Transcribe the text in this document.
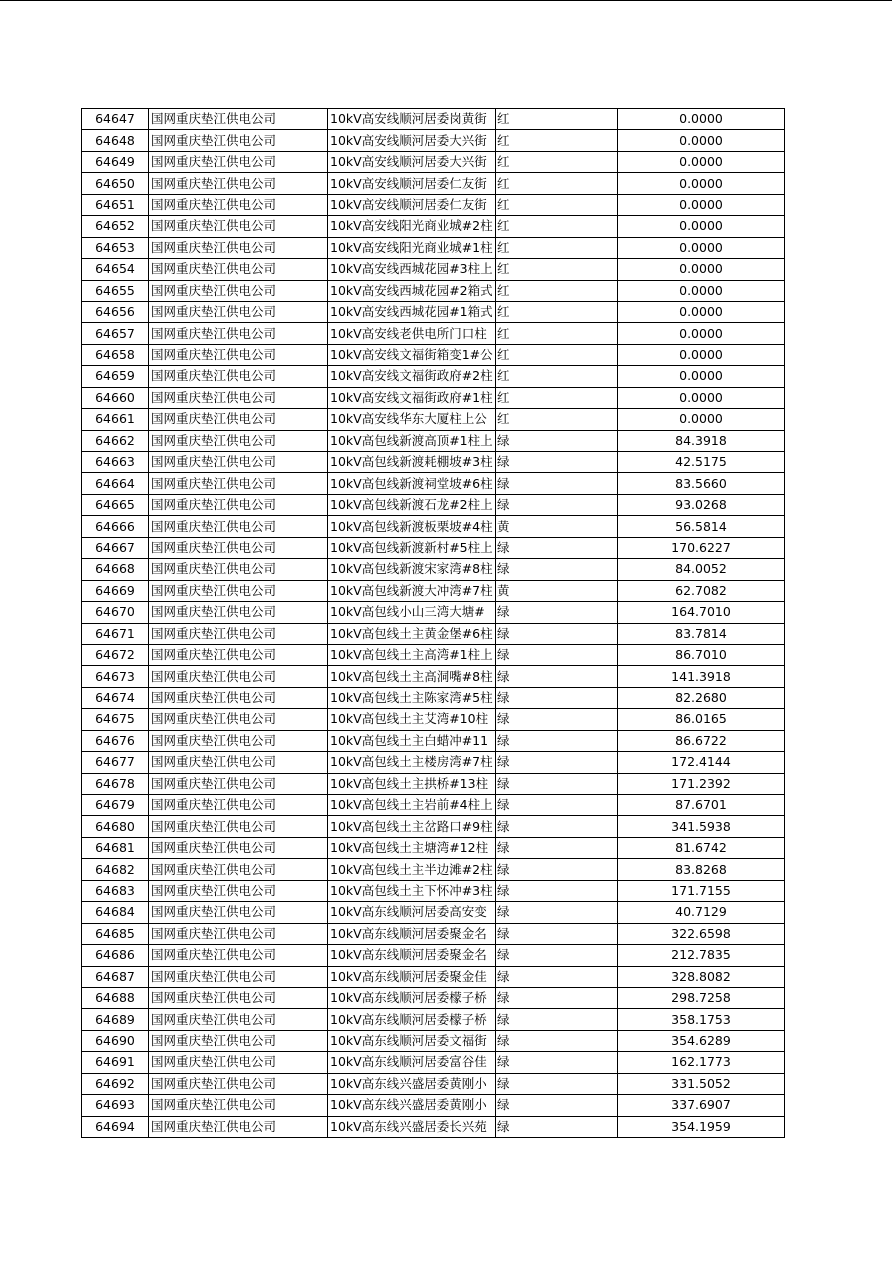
64647	国网重庆垫江供电公司	10kV高安线顺河居委岗黄街	红	0.0000
64648	国网重庆垫江供电公司	10kV高安线顺河居委大兴街	红	0.0000
64649	国网重庆垫江供电公司	10kV高安线顺河居委大兴街	红	0.0000
64650	国网重庆垫江供电公司	10kV高安线顺河居委仁友街	红	0.0000
64651	国网重庆垫江供电公司	10kV高安线顺河居委仁友街	红	0.0000
64652	国网重庆垫江供电公司	10kV高安线阳光商业城#2柱	红	0.0000
64653	国网重庆垫江供电公司	10kV高安线阳光商业城#1柱	红	0.0000
64654	国网重庆垫江供电公司	10kV高安线西城花园#3柱上	红	0.0000
64655	国网重庆垫江供电公司	10kV高安线西城花园#2箱式	红	0.0000
64656	国网重庆垫江供电公司	10kV高安线西城花园#1箱式	红	0.0000
64657	国网重庆垫江供电公司	10kV高安线老供电所门口柱	红	0.0000
64658	国网重庆垫江供电公司	10kV高安线文福街箱变1#公	红	0.0000
64659	国网重庆垫江供电公司	10kV高安线文福街政府#2柱	红	0.0000
64660	国网重庆垫江供电公司	10kV高安线文福街政府#1柱	红	0.0000
64661	国网重庆垫江供电公司	10kV高安线华东大厦柱上公	红	0.0000
64662	国网重庆垫江供电公司	10kV高包线新渡高顶#1柱上	绿	84.3918
64663	国网重庆垫江供电公司	10kV高包线新渡耗棚坡#3柱	绿	42.5175
64664	国网重庆垫江供电公司	10kV高包线新渡祠堂坡#6柱	绿	83.5660
64665	国网重庆垫江供电公司	10kV高包线新渡石龙#2柱上	绿	93.0268
64666	国网重庆垫江供电公司	10kV高包线新渡板栗坡#4柱	黄	56.5814
64667	国网重庆垫江供电公司	10kV高包线新渡新村#5柱上	绿	170.6227
64668	国网重庆垫江供电公司	10kV高包线新渡宋家湾#8柱	绿	84.0052
64669	国网重庆垫江供电公司	10kV高包线新渡大冲湾#7柱	黄	62.7082
64670	国网重庆垫江供电公司	10kV高包线小山三湾大塘#	绿	164.7010
64671	国网重庆垫江供电公司	10kV高包线土主黄金堡#6柱	绿	83.7814
64672	国网重庆垫江供电公司	10kV高包线土主高湾#1柱上	绿	86.7010
64673	国网重庆垫江供电公司	10kV高包线土主高洞嘴#8柱	绿	141.3918
64674	国网重庆垫江供电公司	10kV高包线土主陈家湾#5柱	绿	82.2680
64675	国网重庆垫江供电公司	10kV高包线土主艾湾#10柱	绿	86.0165
64676	国网重庆垫江供电公司	10kV高包线土主白蜡冲#11	绿	86.6722
64677	国网重庆垫江供电公司	10kV高包线土主楼房湾#7柱	绿	172.4144
64678	国网重庆垫江供电公司	10kV高包线土主拱桥#13柱	绿	171.2392
64679	国网重庆垫江供电公司	10kV高包线土主岩前#4柱上	绿	87.6701
64680	国网重庆垫江供电公司	10kV高包线土主岔路口#9柱	绿	341.5938
64681	国网重庆垫江供电公司	10kV高包线土主塘湾#12柱	绿	81.6742
64682	国网重庆垫江供电公司	10kV高包线土主半边滩#2柱	绿	83.8268
64683	国网重庆垫江供电公司	10kV高包线土主下怀冲#3柱	绿	171.7155
64684	国网重庆垫江供电公司	10kV高东线顺河居委高安变	绿	40.7129
64685	国网重庆垫江供电公司	10kV高东线顺河居委聚金名	绿	322.6598
64686	国网重庆垫江供电公司	10kV高东线顺河居委聚金名	绿	212.7835
64687	国网重庆垫江供电公司	10kV高东线顺河居委聚金佳	绿	328.8082
64688	国网重庆垫江供电公司	10kV高东线顺河居委檬子桥	绿	298.7258
64689	国网重庆垫江供电公司	10kV高东线顺河居委檬子桥	绿	358.1753
64690	国网重庆垫江供电公司	10kV高东线顺河居委文福街	绿	354.6289
64691	国网重庆垫江供电公司	10kV高东线顺河居委富谷佳	绿	162.1773
64692	国网重庆垫江供电公司	10kV高东线兴盛居委黄刚小	绿	331.5052
64693	国网重庆垫江供电公司	10kV高东线兴盛居委黄刚小	绿	337.6907
64694	国网重庆垫江供电公司	10kV高东线兴盛居委长兴苑	绿	354.1959
